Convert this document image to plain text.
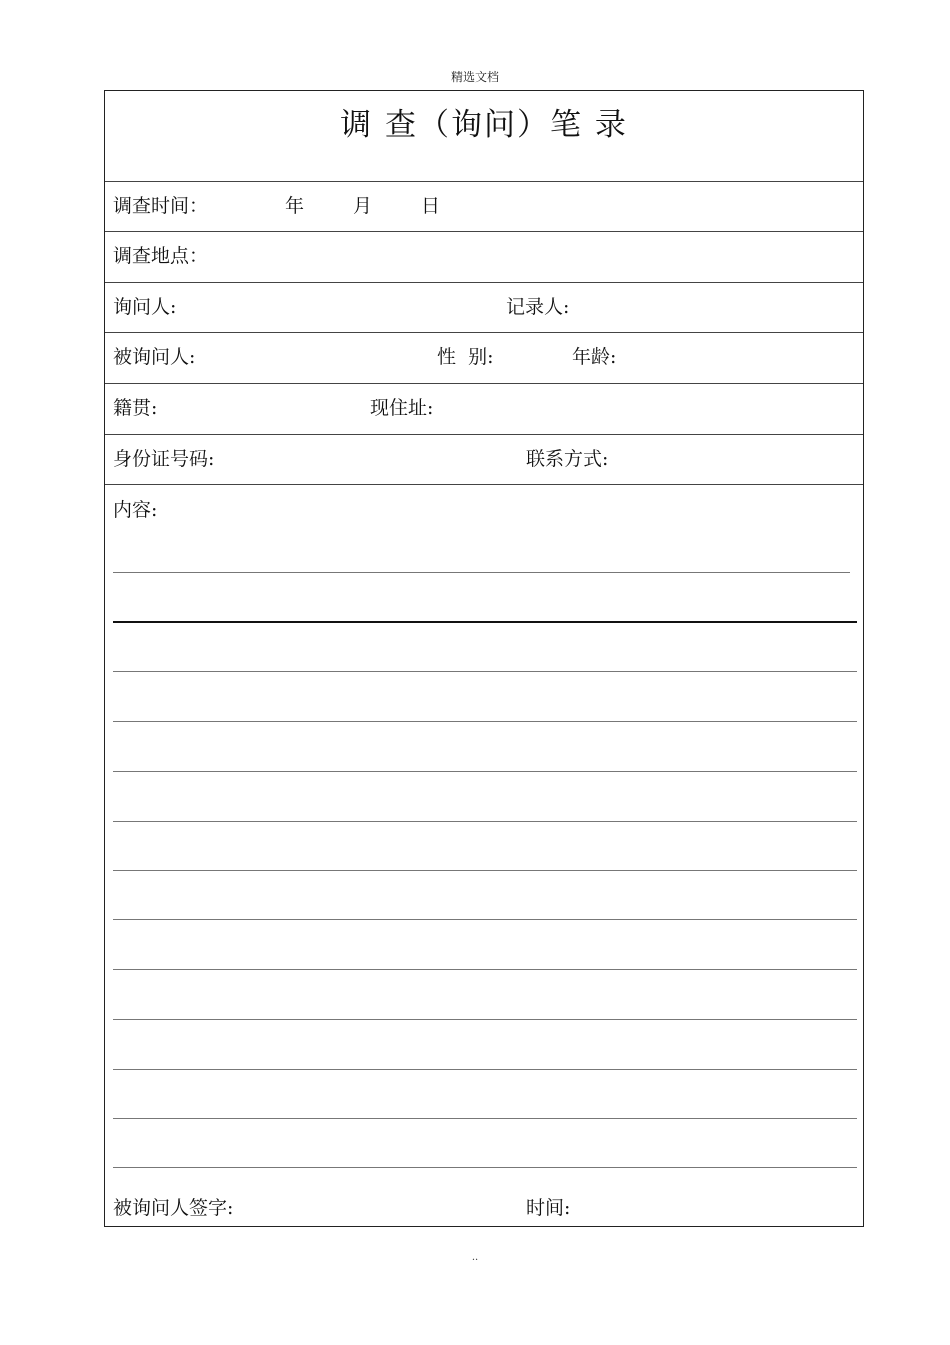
精选文档
调 查（询问）笔 录
调查时间：	年	月	日
调查地点：
询问人:	记录人:
被询问人:	性  别:	年龄:
籍贯:	现住址:
身份证号码:	联系方式:
内容:
被询问人签字:	时间:
..
